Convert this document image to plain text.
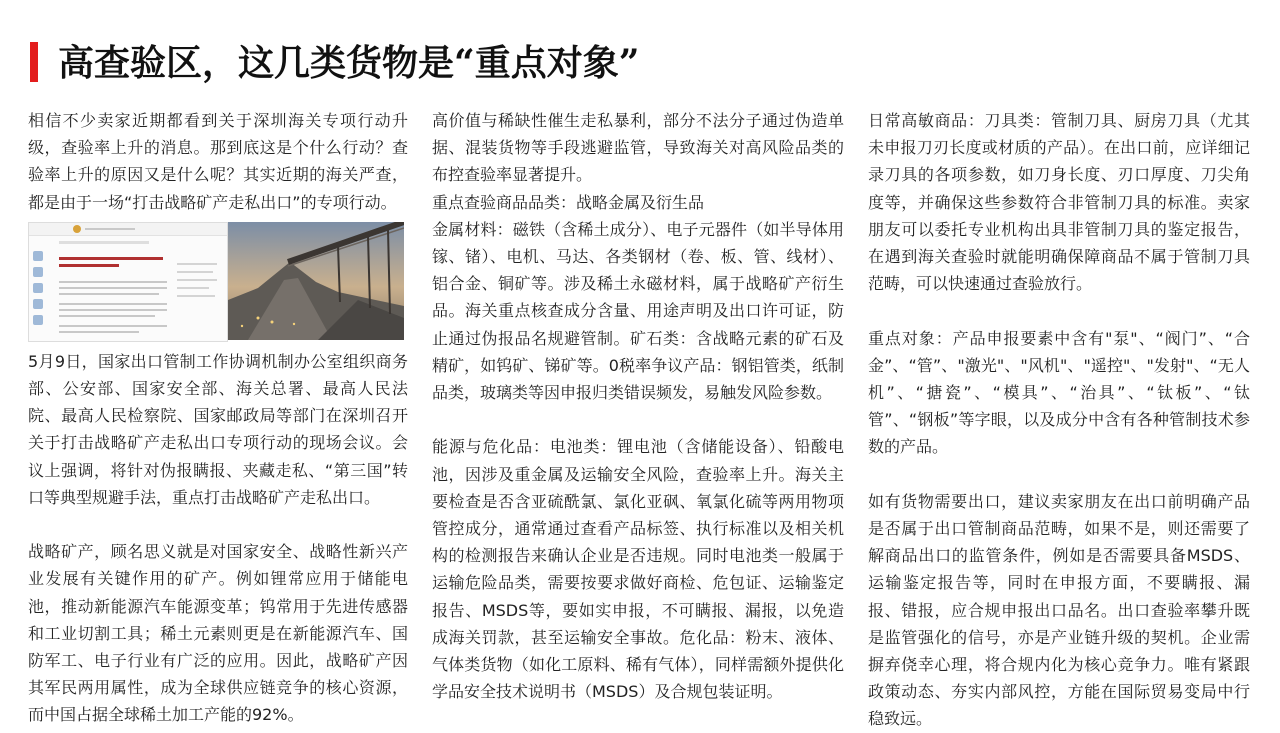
高查验区，这几类货物是“重点对象”

相信不少卖家近期都看到关于深圳海关专项行动升级，查验率上升的消息。那到底这是个什么行动？查验率上升的原因又是什么呢？其实近期的海关严查，都是由于一场“打击战略矿产走私出口”的专项行动。

5月9日，国家出口管制工作协调机制办公室组织商务部、公安部、国家安全部、海关总署、最高人民法院、最高人民检察院、国家邮政局等部门在深圳召开关于打击战略矿产走私出口专项行动的现场会议。会议上强调，将针对伪报瞒报、夹藏走私、“第三国”转口等典型规避手法，重点打击战略矿产走私出口。

战略矿产，顾名思义就是对国家安全、战略性新兴产业发展有关键作用的矿产。例如锂常应用于储能电池，推动新能源汽车能源变革；钨常用于先进传感器和工业切割工具；稀土元素则更是在新能源汽车、国防军工、电子行业有广泛的应用。因此，战略矿产因其军民两用属性，成为全球供应链竞争的核心资源，而中国占据全球稀土加工产能的92%。

高价值与稀缺性催生走私暴利，部分不法分子通过伪造单据、混装货物等手段逃避监管，导致海关对高风险品类的布控查验率显著提升。

重点查验商品品类：战略金属及衍生品

金属材料：磁铁（含稀土成分）、电子元器件（如半导体用镓、锗）、电机、马达、各类钢材（卷、板、管、线材）、铝合金、铜矿等。涉及稀土永磁材料，属于战略矿产衍生品。海关重点核查成分含量、用途声明及出口许可证，防止通过伪报品名规避管制。矿石类：含战略元素的矿石及精矿，如钨矿、锑矿等。0税率争议产品：钢铝管类，纸制品类，玻璃类等因申报归类错误频发，易触发风险参数。

能源与危化品：电池类：锂电池（含储能设备）、铅酸电池，因涉及重金属及运输安全风险，查验率上升。海关主要检查是否含亚硫酰氯、氯化亚砜、氧氯化硫等两用物项管控成分，通常通过查看产品标签、执行标准以及相关机构的检测报告来确认企业是否违规。同时电池类一般属于运输危险品类，需要按要求做好商检、危包证、运输鉴定报告、MSDS等，要如实申报，不可瞒报、漏报，以免造成海关罚款，甚至运输安全事故。危化品：粉末、液体、气体类货物（如化工原料、稀有气体），同样需额外提供化学品安全技术说明书（MSDS）及合规包装证明。

日常高敏商品：刀具类：管制刀具、厨房刀具（尤其未申报刀刃长度或材质的产品）。在出口前，应详细记录刀具的各项参数，如刀身长度、刃口厚度、刀尖角度等，并确保这些参数符合非管制刀具的标准。卖家朋友可以委托专业机构出具非管制刀具的鉴定报告，在遇到海关查验时就能明确保障商品不属于管制刀具范畴，可以快速通过查验放行。

重点对象：产品申报要素中含有"泵"、“阀门”、“合金”、“管”、"激光"、"风机"、"遥控"、"发射"、“无人机”、“搪瓷”、“模具”、“治具”、“钛板”、“钛管”、“钢板”等字眼，以及成分中含有各种管制技术参数的产品。

如有货物需要出口，建议卖家朋友在出口前明确产品是否属于出口管制商品范畴，如果不是，则还需要了解商品出口的监管条件，例如是否需要具备MSDS、运输鉴定报告等，同时在申报方面，不要瞒报、漏报、错报，应合规申报出口品名。出口查验率攀升既是监管强化的信号，亦是产业链升级的契机。企业需摒弃侥幸心理，将合规内化为核心竞争力。唯有紧跟政策动态、夯实内部风控，方能在国际贸易变局中行稳致远。
